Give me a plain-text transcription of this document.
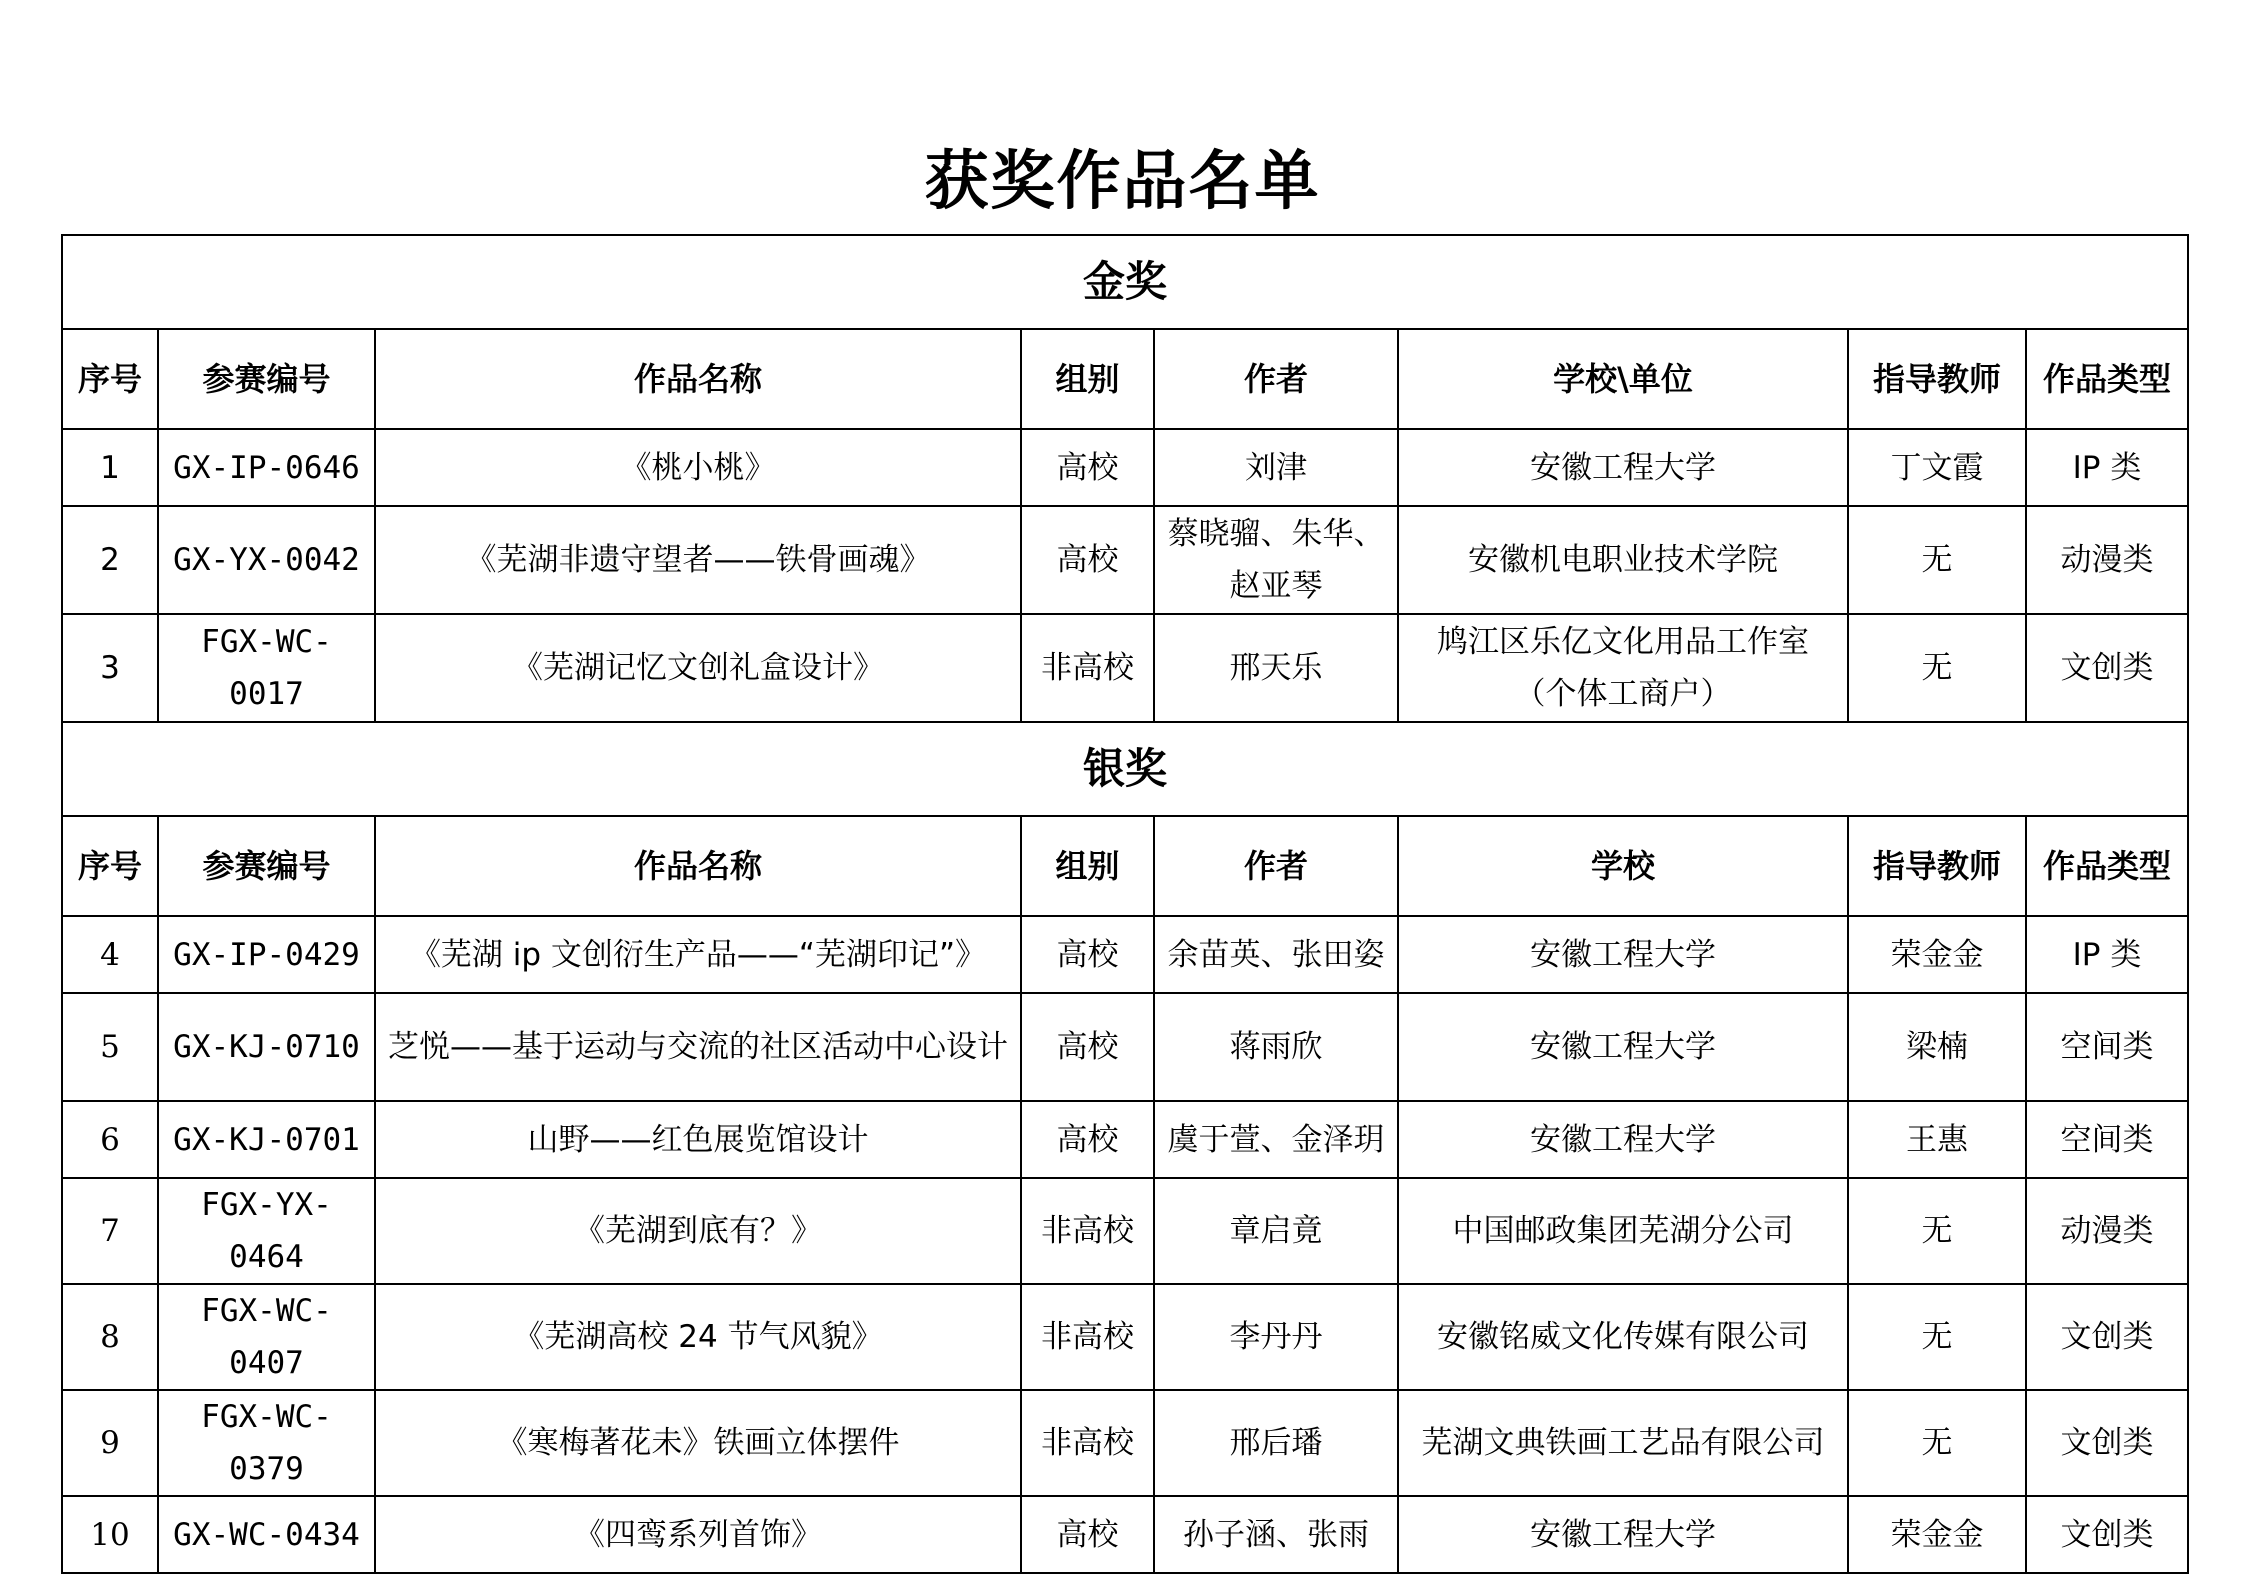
获奖作品名单
金奖							
序号	参赛编号	作品名称	组别	作者	学校\单位	指导教师	作品类型
1	GX-IP-0646	《桃小桃》	高校	刘津	安徽工程大学	丁文霞	IP 类
2	GX-YX-0042	《芜湖非遗守望者——铁骨画魂》	高校	蔡晓骝、朱华、赵亚琴	安徽机电职业技术学院	无	动漫类
3	FGX-WC-0017	《芜湖记忆文创礼盒设计》	非高校	邢天乐	鸠江区乐亿文化用品工作室（个体工商户）	无	文创类
银奖							
序号	参赛编号	作品名称	组别	作者	学校	指导教师	作品类型
4	GX-IP-0429	《芜湖 ip 文创衍生产品——“芜湖印记”》	高校	余苗英、张田姿	安徽工程大学	荣金金	IP 类
5	GX-KJ-0710	芝悦——基于运动与交流的社区活动中心设计	高校	蒋雨欣	安徽工程大学	梁楠	空间类
6	GX-KJ-0701	山野——红色展览馆设计	高校	虞于萱、金泽玥	安徽工程大学	王惠	空间类
7	FGX-YX-0464	《芜湖到底有？》	非高校	章启竟	中国邮政集团芜湖分公司	无	动漫类
8	FGX-WC-0407	《芜湖高校 24 节气风貌》	非高校	李丹丹	安徽铭威文化传媒有限公司	无	文创类
9	FGX-WC-0379	《寒梅著花未》铁画立体摆件	非高校	邢后璠	芜湖文典铁画工艺品有限公司	无	文创类
10	GX-WC-0434	《四鸾系列首饰》	高校	孙子涵、张雨	安徽工程大学	荣金金	文创类
